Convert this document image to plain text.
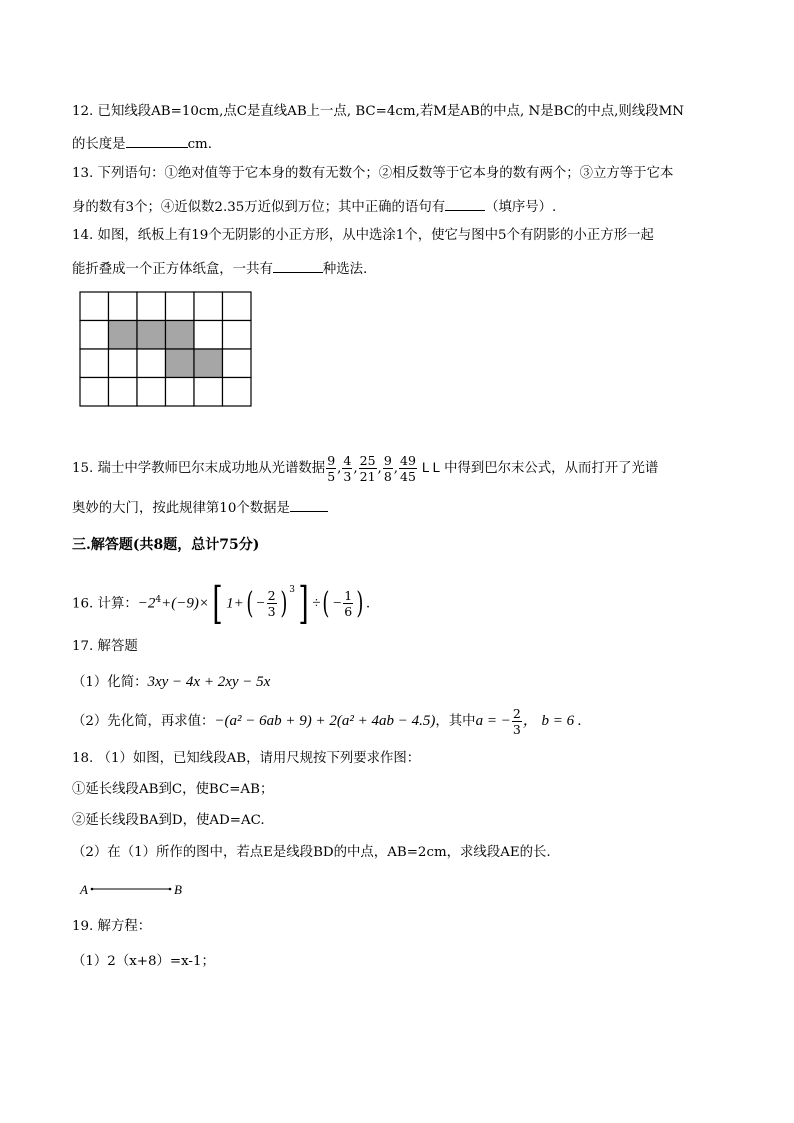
12. 已知线段AB=10cm,点C是直线AB上一点, BC=4cm,若M是AB的中点, N是BC的中点,则线段MN
的长度是	cm.
13. 下列语句：①绝对值等于它本身的数有无数个；②相反数等于它本身的数有两个；③立方等于它本
身的数有3个；④近似数2.35万近似到万位；其中正确的语句有	（填序号）.
14. 如图，纸板上有19个无阴影的小正方形，从中选涂1个，使它与图中5个有阴影的小正方形一起
能折叠成一个正方体纸盒，一共有	种选法.
15. 瑞士中学教师巴尔末成功地从光谱数据 $\frac{9}{5}$ , $\frac{4}{3}$ , $\frac{25}{21}$ , $\frac{9}{8}$ , $\frac{49}{45}$ L L 中得到巴尔末公式，从而打开了光谱
奥妙的大门，按此规律第10个数据是
三.解答题(共8题，总计75分)
16. 计算：$-2^4+(-9)\times$[ $1+( - \frac{2}{3}$ ) $^3$] ÷( − $\frac{1}{6}$ ) .
17. 解答题
（1）化简：3xy − 4x + 2xy − 5x
（2）先化简，再求值：−(a² − 6ab + 9) + 2(a² + 4ab − 4.5)，其中a = − $\frac{2}{3}$ ， b = 6 .
18. （1）如图，已知线段AB，请用尺规按下列要求作图：
①延长线段AB到C，使BC=AB；
②延长线段BA到D，使AD=AC.
（2）在（1）所作的图中，若点E是线段BD的中点，AB=2cm，求线段AE的长.
A	B
19. 解方程：
（1）2（x+8）=x-1；
